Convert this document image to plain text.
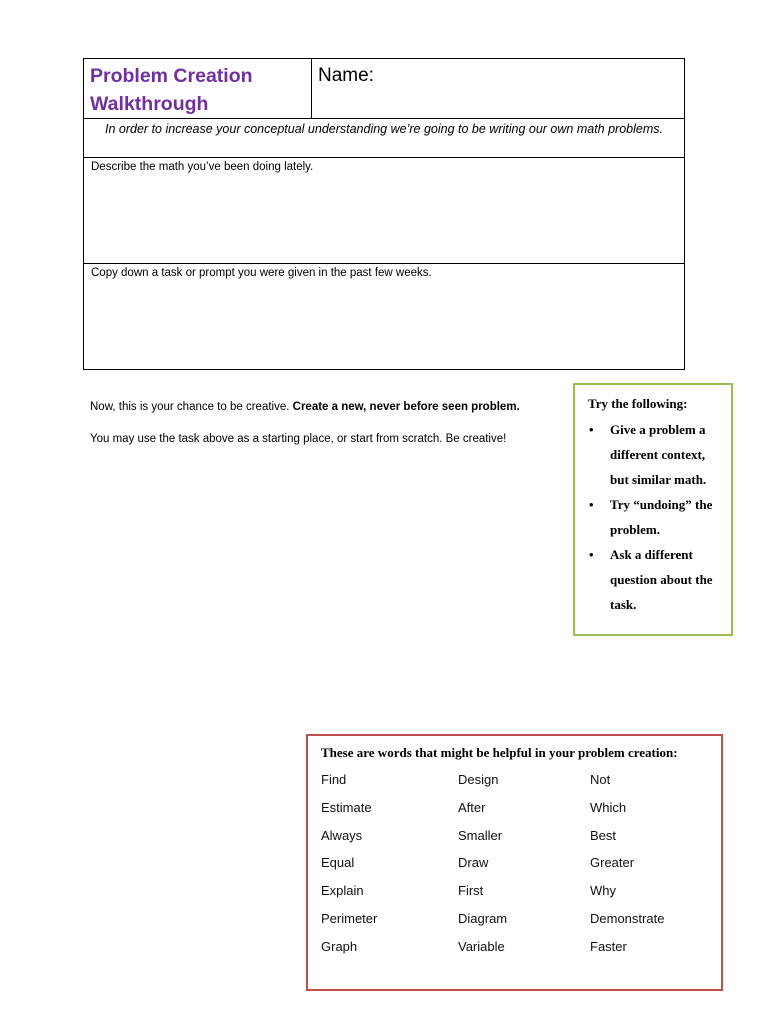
Problem Creation
Walkthrough
	Name:
In order to increase your conceptual understanding we’re going to be writing our own math problems.

Describe the math you’ve been doing lately.

Copy down a task or prompt you were given in the past few weeks.
Now, this is your chance to be creative. Create a new, never before seen problem.
You may use the task above as a starting place, or start from scratch. Be creative!
Try the following:
• Give a problem a different context, but similar math.
• Try “undoing” the problem.
• Ask a different question about the task.
These are words that might be helpful in your problem creation:
Find	Design	Not
Estimate	After	Which
Always	Smaller	Best
Equal	Draw	Greater
Explain	First	Why
Perimeter	Diagram	Demonstrate
Graph	Variable	Faster
